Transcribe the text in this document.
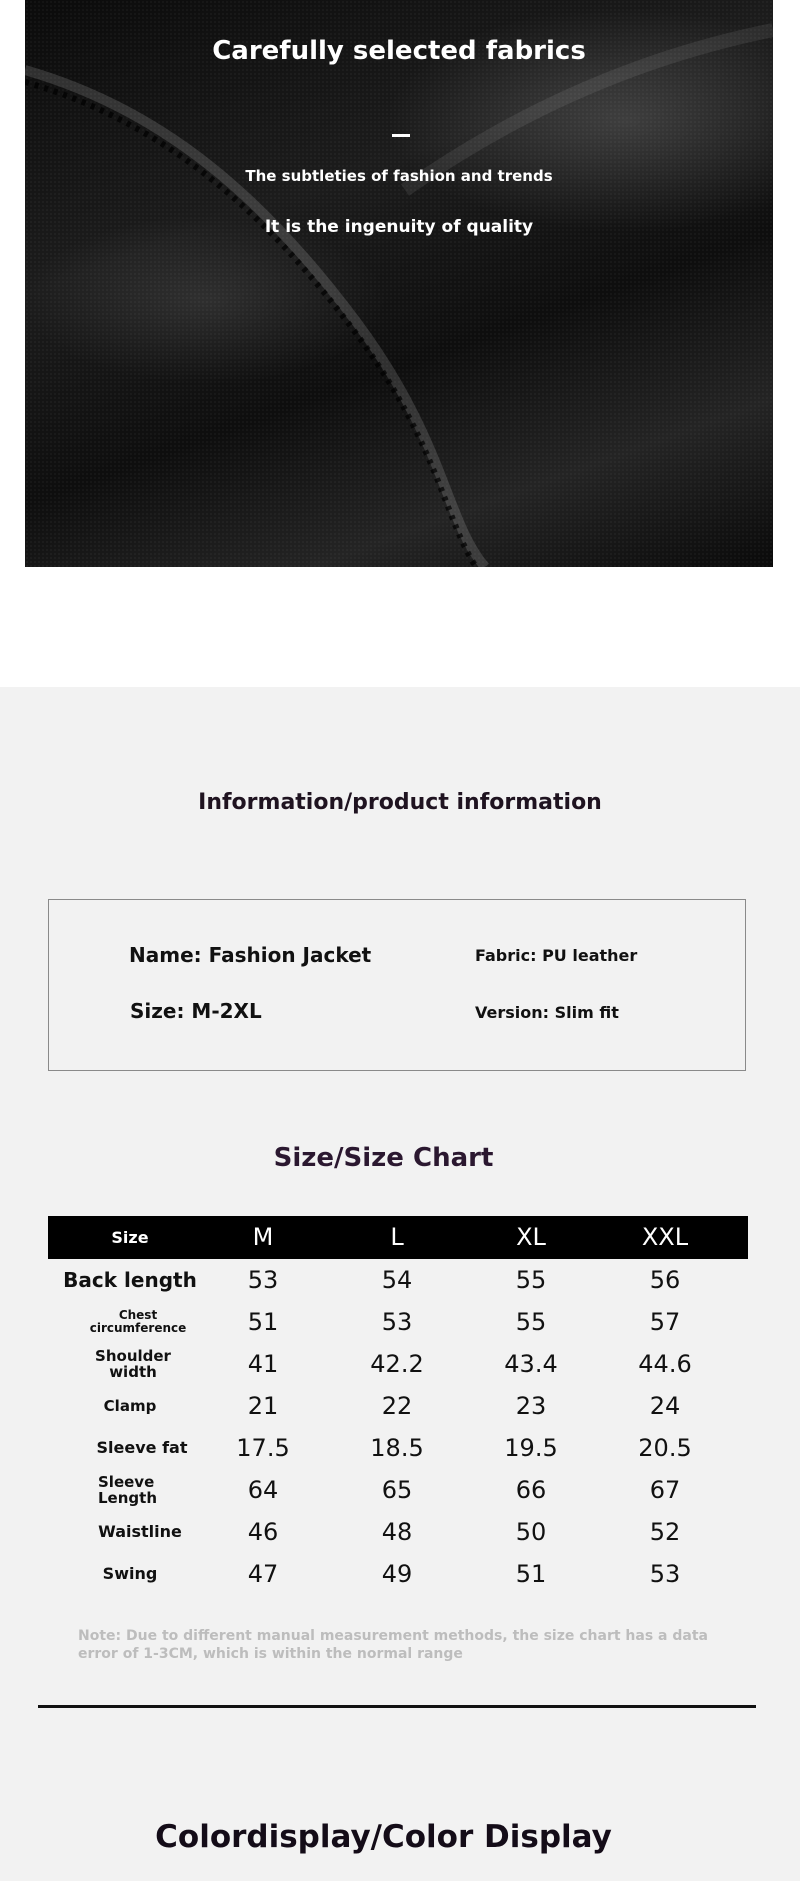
Carefully selected fabrics
The subtleties of fashion and trends
It is the ingenuity of quality
Information/product information
Name: Fashion Jacket
Size: M-2XL
Fabric: PU leather
Version: Slim fit
Size/Size Chart
Size	M	L	XL	XXL
Back length	53	54	55	56
Chest circumference	51	53	55	57
Shoulder width	41	42.2	43.4	44.6
Clamp	21	22	23	24
Sleeve fat	17.5	18.5	19.5	20.5
Sleeve Length	64	65	66	67
Waistline	46	48	50	52
Swing	47	49	51	53
Note: Due to different manual measurement methods, the size chart has a data error of 1-3CM, which is within the normal range
Colordisplay/Color Display
